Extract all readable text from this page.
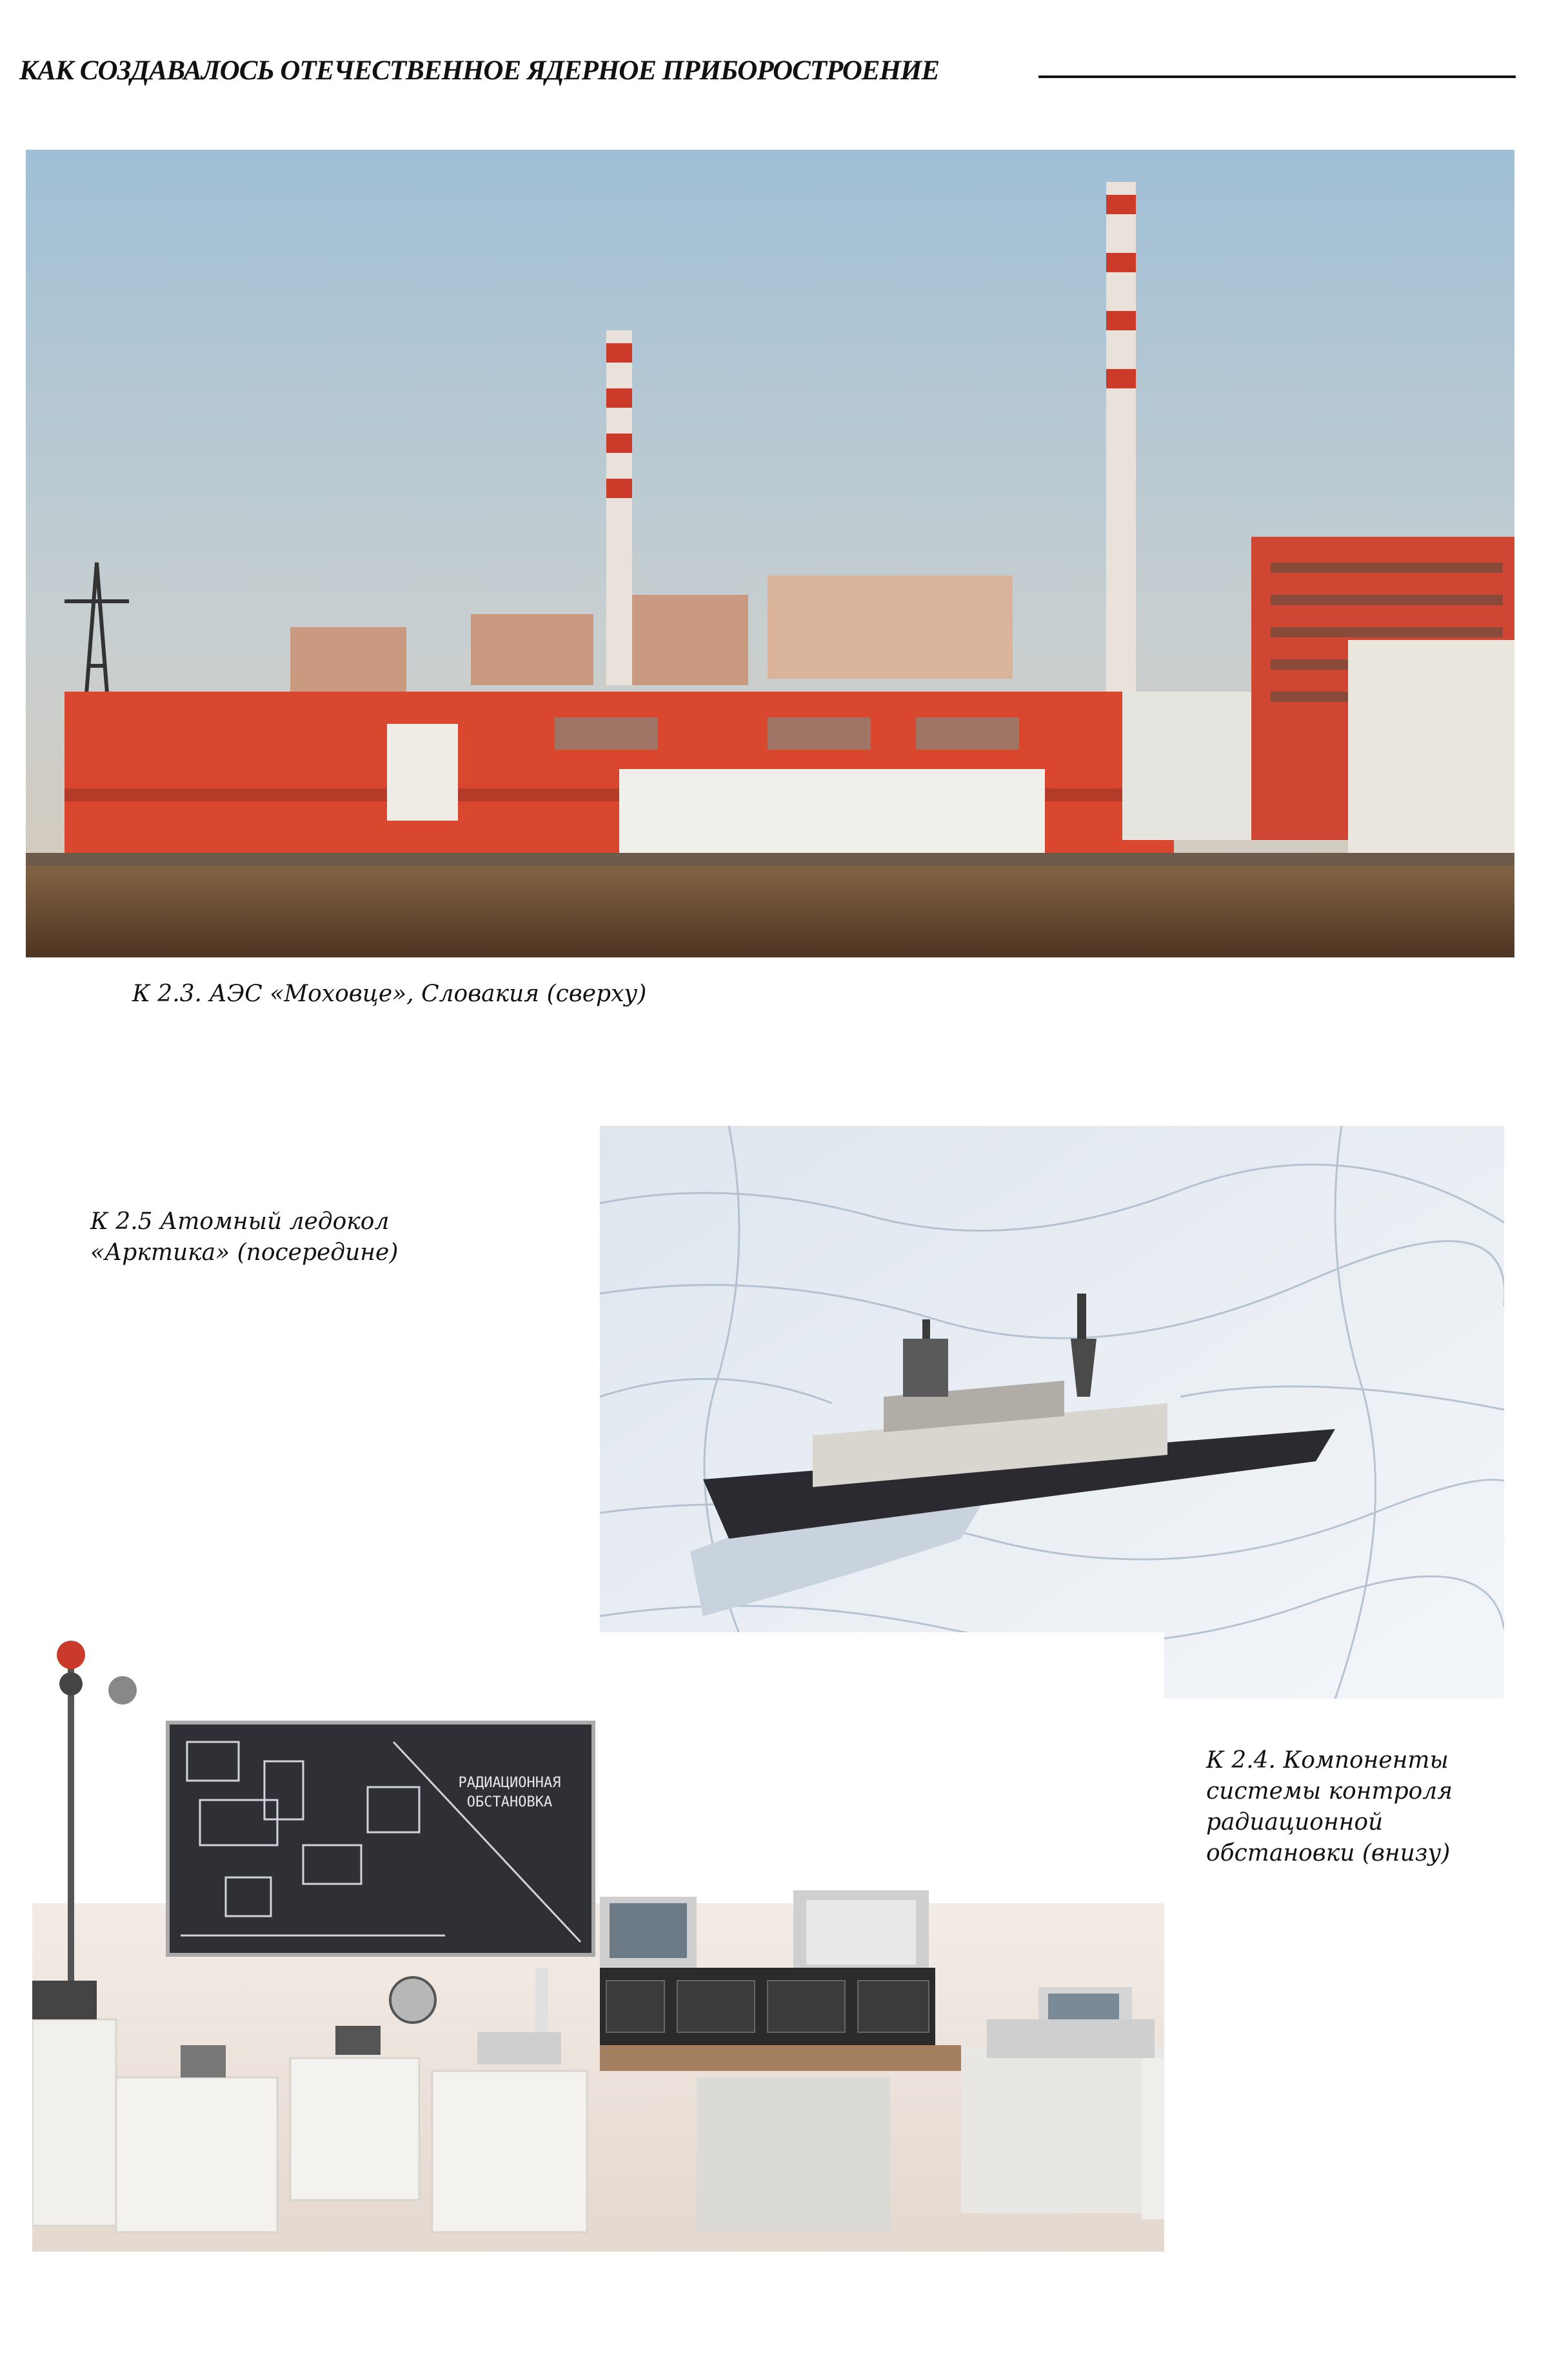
КАК СОЗДАВАЛОСЬ ОТЕЧЕСТВЕННОЕ ЯДЕРНОЕ ПРИБОРОСТРОЕНИЕ
К 2.3. АЭС «Моховце», Словакия (сверху)
К 2.5 Атомный ледокол
«Арктика» (посередине)
РАДИАЦИОННАЯ
ОБСТАНОВКА
К 2.4. Компоненты
системы контроля
радиационной
обстановки (внизу)
